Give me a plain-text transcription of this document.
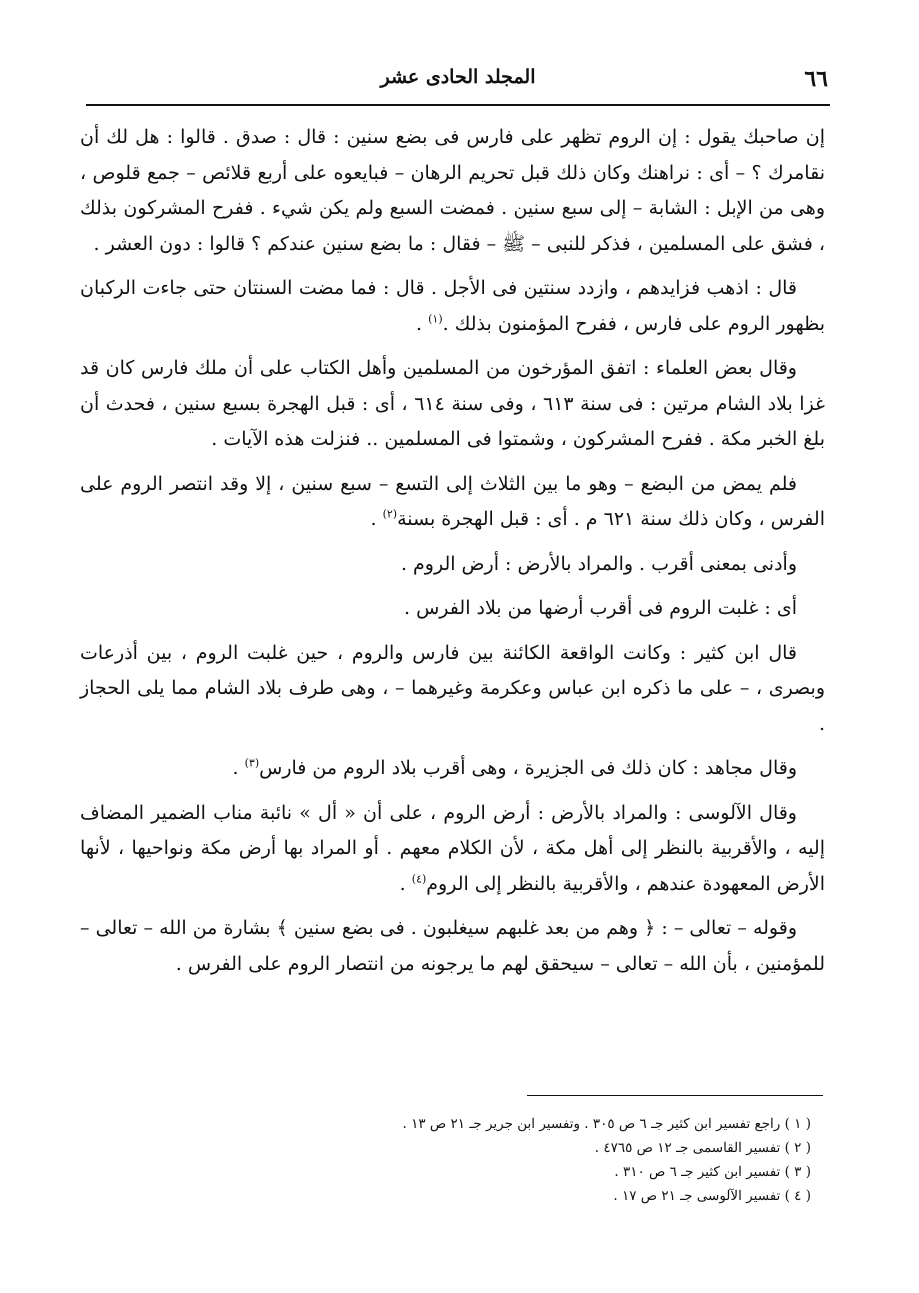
٦٦
المجلد الحادى عشر

إن صاحبك يقول : إن الروم تظهر على فارس فى بضع سنين : قال : صدق . قالوا : هل لك أن نقامرك ؟ – أى : نراهنك وكان ذلك قبل تحريم الرهان – فبايعوه على أربع قلائص – جمع قلوص ، وهى من الإبل : الشابة – إلى سبع سنين . فمضت السبع ولم يكن شيء . ففرح المشركون بذلك ، فشق على المسلمين ، فذكر للنبى – ﷺ – فقال : ما بضع سنين عندكم ؟ قالوا : دون العشر .

قال : اذهب فزايدهم ، وازدد سنتين فى الأجل . قال : فما مضت السنتان حتى جاءت الركبان بظهور الروم على فارس ، ففرح المؤمنون بذلك .$^{(١)}$ .

وقال بعض العلماء : اتفق المؤرخون من المسلمين وأهل الكتاب على أن ملك فارس كان قد غزا بلاد الشام مرتين : فى سنة ٦١٣ ، وفى سنة ٦١٤ ، أى : قبل الهجرة بسبع سنين ، فحدث أن بلغ الخبر مكة . ففرح المشركون ، وشمتوا فى المسلمين .. فنزلت هذه الآيات .

فلم يمض من البضع – وهو ما بين الثلاث إلى التسع – سبع سنين ، إلا وقد انتصر الروم على الفرس ، وكان ذلك سنة ٦٢١ م . أى : قبل الهجرة بسنة$^{(٢)}$ .

وأدنى بمعنى أقرب . والمراد بالأرض : أرض الروم .

أى : غلبت الروم فى أقرب أرضها من بلاد الفرس .

قال ابن كثير : وكانت الواقعة الكائنة بين فارس والروم ، حين غلبت الروم ، بين أذرعات وبصرى ، – على ما ذكره ابن عباس وعكرمة وغيرهما – ، وهى طرف بلاد الشام مما يلى الحجاز .

وقال مجاهد : كان ذلك فى الجزيرة ، وهى أقرب بلاد الروم من فارس$^{(٣)}$ .

وقال الآلوسى : والمراد بالأرض : أرض الروم ، على أن « أل » نائبة مناب الضمير المضاف إليه ، والأقربية بالنظر إلى أهل مكة ، لأن الكلام معهم . أو المراد بها أرض مكة ونواحيها ، لأنها الأرض المعهودة عندهم ، والأقربية بالنظر إلى الروم$^{(٤)}$ .

وقوله – تعالى – : ﴿ وهم من بعد غلبهم سيغلبون . فى بضع سنين ﴾ بشارة من الله – تعالى – للمؤمنين ، بأن الله – تعالى – سيحقق لهم ما يرجونه من انتصار الروم على الفرس .

( ١ ) راجع تفسير ابن كثير جـ ٦ ص ٣٠٥ . وتفسير ابن جرير جـ ٢١ ص ١٣ .

( ٢ ) تفسير القاسمى جـ ١٢ ص ٤٧٦٥ .

( ٣ ) تفسير ابن كثير جـ ٦ ص ٣١٠ .

( ٤ ) تفسير الآلوسى جـ ٢١ ص ١٧ .
